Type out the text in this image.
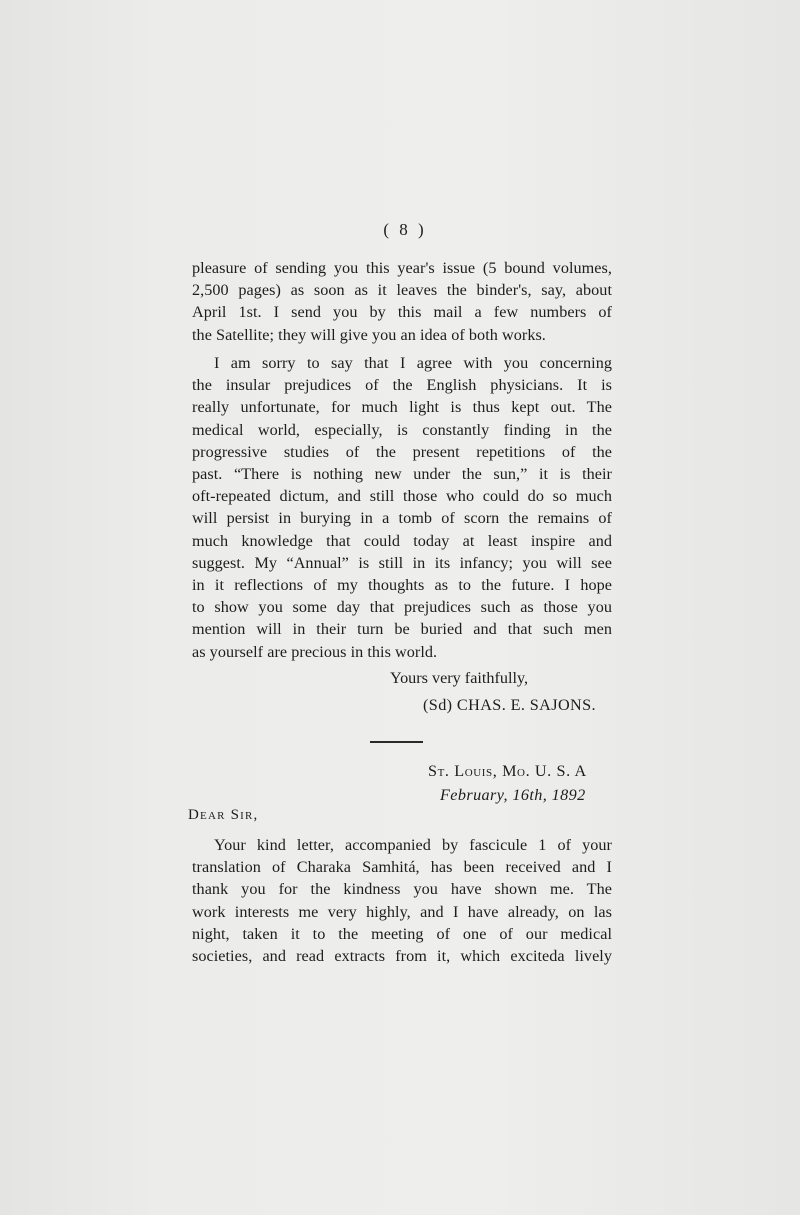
( 8 )
pleasure of sending you this year's issue (5 bound volumes,
2,500 pages) as soon as it leaves the binder's, say, about
April 1st. I send you by this mail a few numbers of
the Satellite; they will give you an idea of both works.
I am sorry to say that I agree with you concerning
the insular prejudices of the English physicians. It is
really unfortunate, for much light is thus kept out. The
medical world, especially, is constantly finding in the
progressive studies of the present repetitions of the
past. “There is nothing new under the sun,” it is their
oft-repeated dictum, and still those who could do so much
will persist in burying in a tomb of scorn the remains of
much knowledge that could today at least inspire and
suggest. My “Annual” is still in its infancy; you will see
in it reflections of my thoughts as to the future. I hope
to show you some day that prejudices such as those you
mention will in their turn be buried and that such men
as yourself are precious in this world.
Yours very faithfully,
(Sd) CHAS. E. SAJONS.
St. Louis, Mo. U. S. A
February, 16th, 1892
Dear Sir,
Your kind letter, accompanied by fascicule 1 of your
translation of Charaka Samhitá, has been received and I
thank you for the kindness you have shown me. The
work interests me very highly, and I have already, on las
night, taken it to the meeting of one of our medical
societies, and read extracts from it, which exciteda lively
